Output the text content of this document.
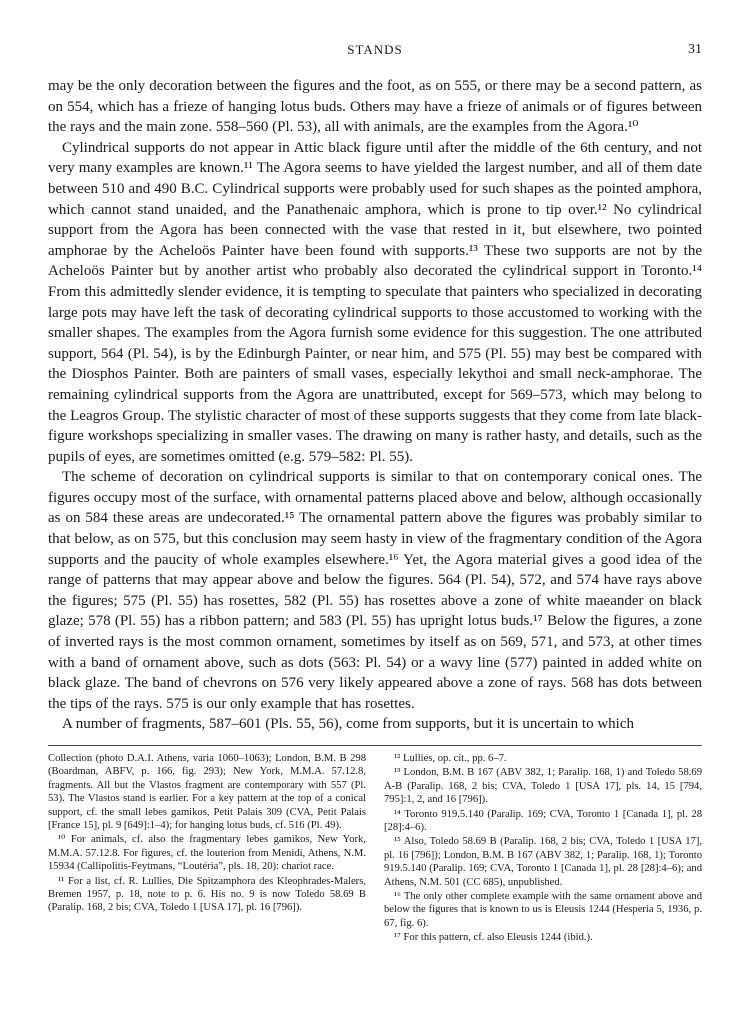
STANDS	31

may be the only decoration between the figures and the foot, as on 555, or there may be a second pattern, as on 554, which has a frieze of hanging lotus buds. Others may have a frieze of animals or of figures between the rays and the main zone. 558–560 (Pl. 53), all with animals, are the examples from the Agora.¹⁰

Cylindrical supports do not appear in Attic black figure until after the middle of the 6th century, and not very many examples are known.¹¹ The Agora seems to have yielded the largest number, and all of them date between 510 and 490 B.C. Cylindrical supports were probably used for such shapes as the pointed amphora, which cannot stand unaided, and the Panathenaic amphora, which is prone to tip over.¹² No cylindrical support from the Agora has been connected with the vase that rested in it, but elsewhere, two pointed amphorae by the Acheloös Painter have been found with supports.¹³ These two supports are not by the Acheloös Painter but by another artist who probably also decorated the cylindrical support in Toronto.¹⁴ From this admittedly slender evidence, it is tempting to speculate that painters who specialized in decorating large pots may have left the task of decorating cylindrical supports to those accustomed to working with the smaller shapes. The examples from the Agora furnish some evidence for this suggestion. The one attributed support, 564 (Pl. 54), is by the Edinburgh Painter, or near him, and 575 (Pl. 55) may best be compared with the Diosphos Painter. Both are painters of small vases, especially lekythoi and small neck-amphorae. The remaining cylindrical supports from the Agora are unattributed, except for 569–573, which may belong to the Leagros Group. The stylistic character of most of these supports suggests that they come from late black-figure workshops specializing in smaller vases. The drawing on many is rather hasty, and details, such as the pupils of eyes, are sometimes omitted (e.g. 579–582: Pl. 55).

The scheme of decoration on cylindrical supports is similar to that on contemporary conical ones. The figures occupy most of the surface, with ornamental patterns placed above and below, although occasionally as on 584 these areas are undecorated.¹⁵ The ornamental pattern above the figures was probably similar to that below, as on 575, but this conclusion may seem hasty in view of the fragmentary condition of the Agora supports and the paucity of whole examples elsewhere.¹⁶ Yet, the Agora material gives a good idea of the range of patterns that may appear above and below the figures. 564 (Pl. 54), 572, and 574 have rays above the figures; 575 (Pl. 55) has rosettes, 582 (Pl. 55) has rosettes above a zone of white maeander on black glaze; 578 (Pl. 55) has a ribbon pattern; and 583 (Pl. 55) has upright lotus buds.¹⁷ Below the figures, a zone of inverted rays is the most common ornament, sometimes by itself as on 569, 571, and 573, at other times with a band of ornament above, such as dots (563: Pl. 54) or a wavy line (577) painted in added white on black glaze. The band of chevrons on 576 very likely appeared above a zone of rays. 568 has dots between the tips of the rays. 575 is our only example that has rosettes.

A number of fragments, 587–601 (Pls. 55, 56), come from supports, but it is uncertain to which

Collection (photo D.A.I. Athens, varia 1060–1063); London, B.M. B 298 (Boardman, ABFV, p. 166, fig. 293); New York, M.M.A. 57.12.8, fragments. All but the Vlastos fragment are contemporary with 557 (Pl. 53). The Vlastos stand is earlier. For a key pattern at the top of a conical support, cf. the small lebes gamikos, Petit Palais 309 (CVA, Petit Palais [France 15], pl. 9 [649]:1–4); for hanging lotus buds, cf. 516 (Pl. 49).

¹⁰ For animals, cf. also the fragmentary lebes gamikos, New York, M.M.A. 57.12.8. For figures, cf. the louterion from Menidi, Athens, N.M. 15934 (Callipolitis-Feytmans, “Loutéria”, pls. 18, 20): chariot race.

¹¹ For a list, cf. R. Lullies, Die Spitzamphora des Kleophrades-Malers, Bremen 1957, p. 18, note to p. 6. His no. 9 is now Toledo 58.69 B (Paralip. 168, 2 bis; CVA, Toledo 1 [USA 17], pl. 16 [796]).

¹² Lullies, op. cit., pp. 6–7.

¹³ London, B.M. B 167 (ABV 382, 1; Paralip. 168, 1) and Toledo 58.69 A-B (Paralip. 168, 2 bis; CVA, Toledo 1 [USA 17], pls. 14, 15 [794, 795]:1, 2, and 16 [796]).

¹⁴ Toronto 919.5.140 (Paralip. 169; CVA, Toronto 1 [Canada 1], pl. 28 [28]:4–6).

¹⁵ Also, Toledo 58.69 B (Paralip. 168, 2 bis; CVA, Toledo 1 [USA 17], pl. 16 [796]); London, B.M. B 167 (ABV 382, 1; Paralip. 168, 1); Toronto 919.5.140 (Paralip. 169; CVA, Toronto 1 [Canada 1], pl. 28 [28]:4–6); and Athens, N.M. 501 (CC 685), unpublished.

¹⁶ The only other complete example with the same ornament above and below the figures that is known to us is Eleusis 1244 (Hesperia 5, 1936, p. 67, fig. 6).

¹⁷ For this pattern, cf. also Eleusis 1244 (ibid.).
